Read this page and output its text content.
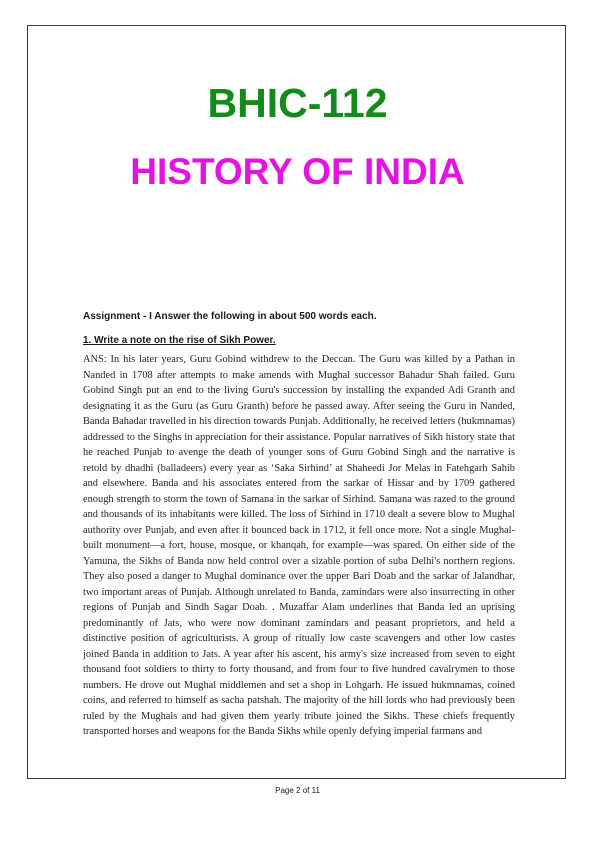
BHIC-112
HISTORY OF INDIA

Assignment - I Answer the following in about 500 words each.

1. Write a note on the rise of Sikh Power.

ANS: In his later years, Guru Gobind withdrew to the Deccan. The Guru was killed by a Pathan in Nanded in 1708 after attempts to make amends with Mughal successor Bahadur Shah failed. Guru Gobind Singh put an end to the living Guru's succession by installing the expanded Adi Granth and designating it as the Guru (as Guru Granth) before he passed away. After seeing the Guru in Nanded, Banda Bahadar travelled in his direction towards Punjab. Additionally, he received letters (hukmnamas) addressed to the Singhs in appreciation for their assistance. Popular narratives of Sikh history state that he reached Punjab to avenge the death of younger sons of Guru Gobind Singh and the narrative is retold by dhadhi (balladeers) every year as ‘Saka Sirhind’ at Shaheedi Jor Melas in Fatehgarh Sahib and elsewhere. Banda and his associates entered from the sarkar of Hissar and by 1709 gathered enough strength to storm the town of Samana in the sarkar of Sirhind. Samana was razed to the ground and thousands of its inhabitants were killed. The loss of Sirhind in 1710 dealt a severe blow to Mughal authority over Punjab, and even after it bounced back in 1712, it fell once more. Not a single Mughal-built monument—a fort, house, mosque, or khanqah, for example—was spared. On either side of the Yamuna, the Sikhs of Banda now held control over a sizable portion of suba Delhi's northern regions. They also posed a danger to Mughal dominance over the upper Bari Doab and the sarkar of Jalandhar, two important areas of Punjab. Although unrelated to Banda, zamindars were also insurrecting in other regions of Punjab and Sindh Sagar Doab. . Muzaffar Alam underlines that Banda led an uprising predominantly of Jats, who were now dominant zamindars and peasant proprietors, and held a distinctive position of agriculturists. A group of ritually low caste scavengers and other low castes joined Banda in addition to Jats. A year after his ascent, his army's size increased from seven to eight thousand foot soldiers to thirty to forty thousand, and from four to five hundred cavalrymen to those numbers. He drove out Mughal middlemen and set a shop in Lohgarh. He issued hukmnamas, coined coins, and referred to himself as sacha patshah. The majority of the hill lords who had previously been ruled by the Mughals and had given them yearly tribute joined the Sikhs. These chiefs frequently transported horses and weapons for the Banda Sikhs while openly defying imperial farmans and

Page 2 of 11
